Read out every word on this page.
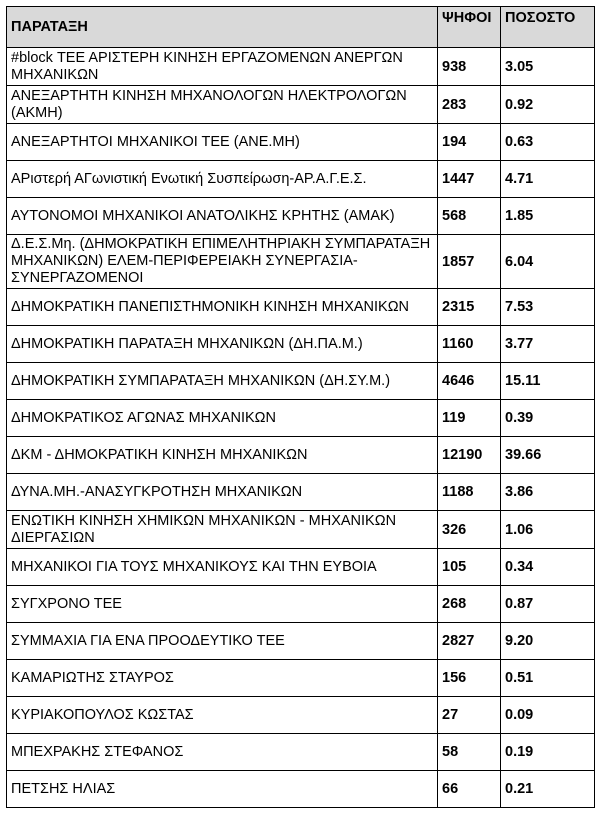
ΠΑΡΑΤΑΞΗ	ΨΗΦΟΙ	ΠΟΣΟΣΤΟ
#block ΤΕΕ ΑΡΙΣΤΕΡΗ ΚΙΝΗΣΗ ΕΡΓΑΖΟΜΕΝΩΝ ΑΝΕΡΓΩΝ ΜΗΧΑΝΙΚΩΝ	938	3.05
ΑΝΕΞΑΡΤΗΤΗ ΚΙΝΗΣΗ ΜΗΧΑΝΟΛΟΓΩΝ ΗΛΕΚΤΡΟΛΟΓΩΝ (ΑΚΜΗ)	283	0.92
ΑΝΕΞΑΡΤΗΤΟΙ ΜΗΧΑΝΙΚΟΙ ΤΕΕ (ΑΝΕ.ΜΗ)	194	0.63
ΑΡιστερή ΑΓωνιστική Ενωτική Συσπείρωση-ΑΡ.Α.Γ.Ε.Σ.	1447	4.71
ΑΥΤΟΝΟΜΟΙ ΜΗΧΑΝΙΚΟΙ ΑΝΑΤΟΛΙΚΗΣ ΚΡΗΤΗΣ (ΑΜΑΚ)	568	1.85
Δ.Ε.Σ.Μη. (ΔΗΜΟΚΡΑΤΙΚΗ ΕΠΙΜΕΛΗΤΗΡΙΑΚΗ ΣΥΜΠΑΡΑΤΑΞΗ ΜΗΧΑΝΙΚΩΝ) ΕΛΕΜ-ΠΕΡΙΦΕΡΕΙΑΚΗ ΣΥΝΕΡΓΑΣΙΑ-ΣΥΝΕΡΓΑΖΟΜΕΝΟΙ	1857	6.04
ΔΗΜΟΚΡΑΤΙΚΗ ΠΑΝΕΠΙΣΤΗΜΟΝΙΚΗ ΚΙΝΗΣΗ ΜΗΧΑΝΙΚΩΝ	2315	7.53
ΔΗΜΟΚΡΑΤΙΚΗ ΠΑΡΑΤΑΞΗ ΜΗΧΑΝΙΚΩΝ (ΔΗ.ΠΑ.Μ.)	1160	3.77
ΔΗΜΟΚΡΑΤΙΚΗ ΣΥΜΠΑΡΑΤΑΞΗ ΜΗΧΑΝΙΚΩΝ (ΔΗ.ΣΥ.Μ.)	4646	15.11
ΔΗΜΟΚΡΑΤΙΚΟΣ ΑΓΩΝΑΣ ΜΗΧΑΝΙΚΩΝ	119	0.39
ΔΚΜ - ΔΗΜΟΚΡΑΤΙΚΗ ΚΙΝΗΣΗ ΜΗΧΑΝΙΚΩΝ	12190	39.66
ΔΥΝΑ.ΜΗ.-ΑΝΑΣΥΓΚΡΟΤΗΣΗ ΜΗΧΑΝΙΚΩΝ	1188	3.86
ΕΝΩΤΙΚΗ ΚΙΝΗΣΗ ΧΗΜΙΚΩΝ ΜΗΧΑΝΙΚΩΝ - ΜΗΧΑΝΙΚΩΝ ΔΙΕΡΓΑΣΙΩΝ	326	1.06
ΜΗΧΑΝΙΚΟΙ ΓΙΑ ΤΟΥΣ ΜΗΧΑΝΙΚΟΥΣ ΚΑΙ ΤΗΝ ΕΥΒΟΙΑ	105	0.34
ΣΥΓΧΡΟΝΟ ΤΕΕ	268	0.87
ΣΥΜΜΑΧΙΑ ΓΙΑ ΕΝΑ ΠΡΟΟΔΕΥΤΙΚΟ ΤΕΕ	2827	9.20
ΚΑΜΑΡΙΩΤΗΣ ΣΤΑΥΡΟΣ	156	0.51
ΚΥΡΙΑΚΟΠΟΥΛΟΣ ΚΩΣΤΑΣ	27	0.09
ΜΠΕΧΡΑΚΗΣ ΣΤΕΦΑΝΟΣ	58	0.19
ΠΕΤΣΗΣ ΗΛΙΑΣ	66	0.21
